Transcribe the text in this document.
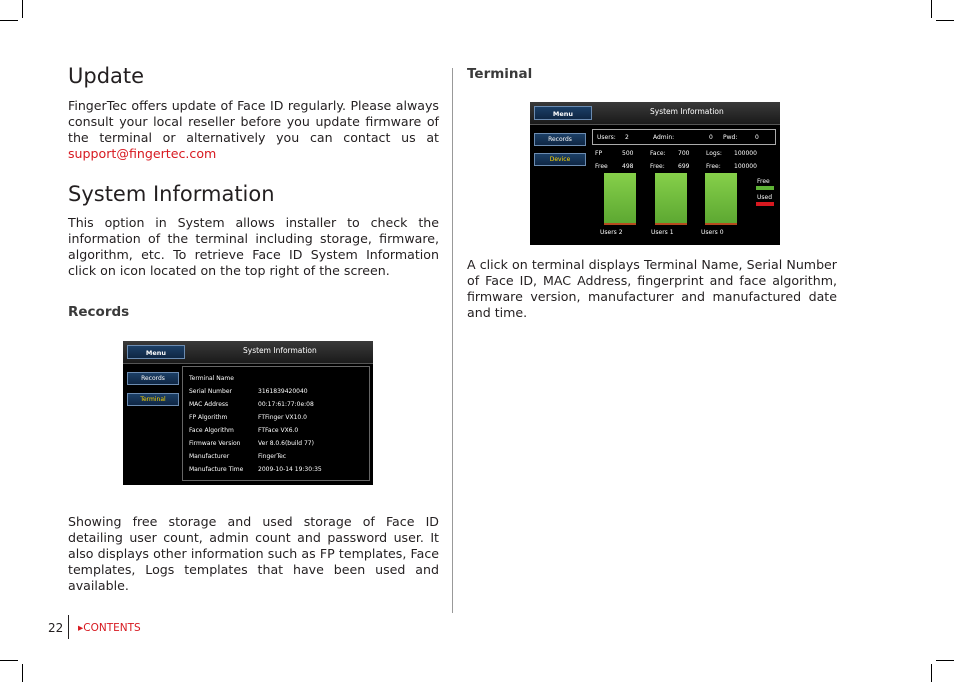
Update

FingerTec offers update of Face ID regularly. Please always consult your local reseller before you update firmware of the terminal or alternatively you can contact us at support@fingertec.com

System Information

This option in System allows installer to check the information of the terminal including storage, firmware, algorithm, etc. To retrieve Face ID System Information click on icon located on the top right of the screen.

Records
Menu	System Information
Records
Terminal
Terminal Name
Serial Number	3161839420040
MAC Address	00:17:61:77:0e:08
FP Algorithm	FTFinger VX10.0
Face Algorithm	FTFace VX6.0
Firmware Version	Ver 8.0.6(build 77)
Manufacturer	FingerTec
Manufacture Time 2009-10-14 19:30:35

Showing free storage and used storage of Face ID detailing user count, admin count and password user. It also displays other information such as FP templates, Face templates, Logs templates that have been used and available.

Terminal
Menu	System Information
Records
Device
Users: 2	Admin:	0 Pwd:	0
FP	500	Face: 700	Logs: 100000
Free 498	Free: 699	Free: 100000
Users 2	Users 1	Users 0
Free
Used

A click on terminal displays Terminal Name, Serial Number of Face ID, MAC Address, fingerprint and face algorithm, firmware version, manufacturer and manufactured date and time.

22 ▸CONTENTS
